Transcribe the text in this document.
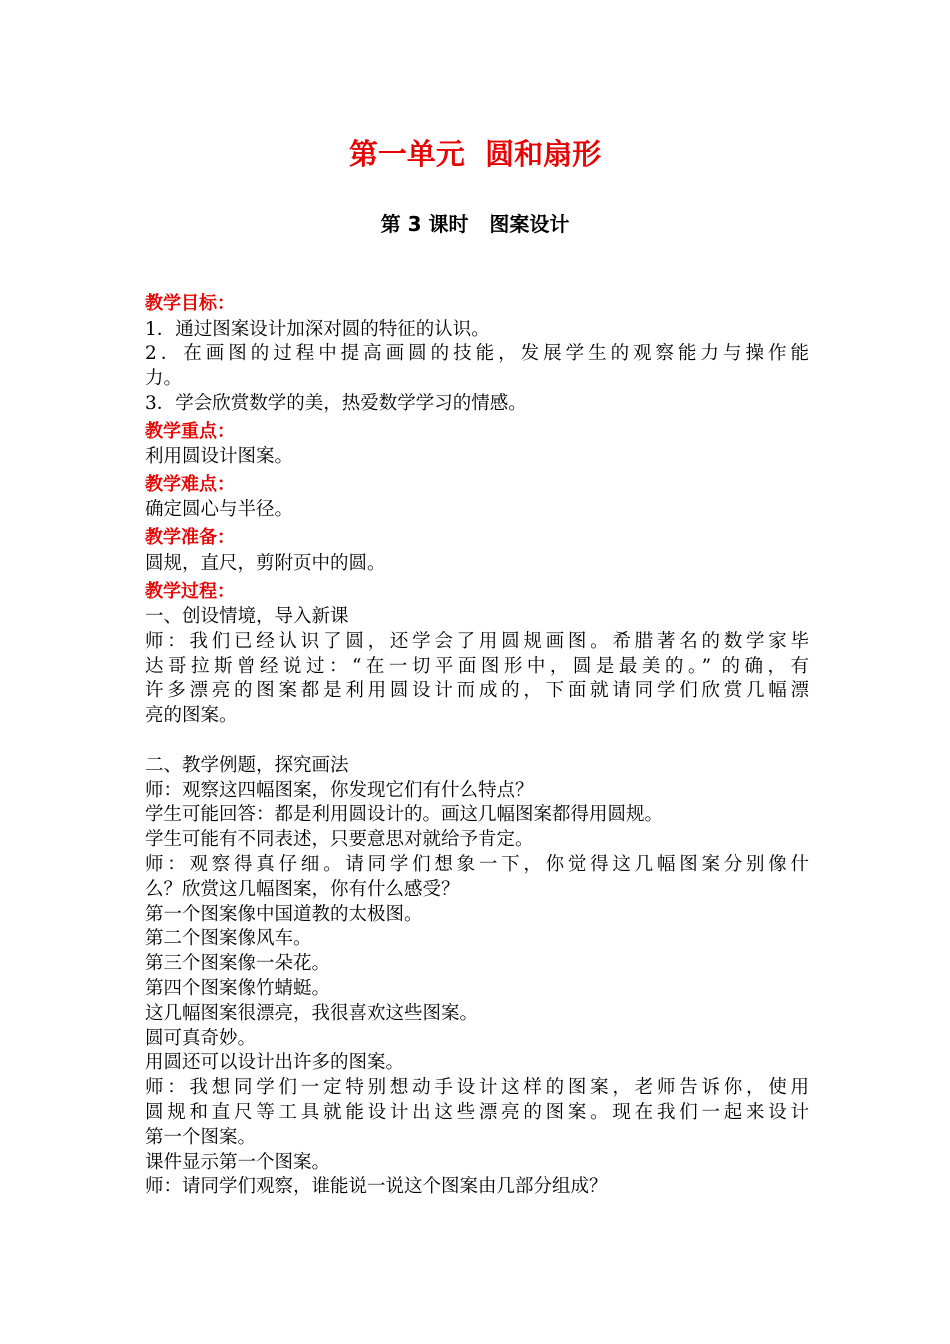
第一单元  圆和扇形
第 3 课时   图案设计
教学目标：
1．通过图案设计加深对圆的特征的认识。
2．在画图的过程中提高画圆的技能，发展学生的观察能力与操作能
力。
3．学会欣赏数学的美，热爱数学学习的情感。
教学重点：
利用圆设计图案。
教学难点：
确定圆心与半径。
教学准备：
圆规，直尺，剪附页中的圆。
教学过程：
一、创设情境，导入新课
师：我们已经认识了圆，还学会了用圆规画图。希腊著名的数学家毕
达哥拉斯曾经说过：“在一切平面图形中，圆是最美的。” 的确，有
许多漂亮的图案都是利用圆设计而成的，下面就请同学们欣赏几幅漂
亮的图案。
二、教学例题，探究画法
师：观察这四幅图案，你发现它们有什么特点？
学生可能回答：都是利用圆设计的。画这几幅图案都得用圆规。
学生可能有不同表述，只要意思对就给予肯定。
师：观察得真仔细。请同学们想象一下，你觉得这几幅图案分别像什
么？欣赏这几幅图案，你有什么感受？
第一个图案像中国道教的太极图。
第二个图案像风车。
第三个图案像一朵花。
第四个图案像竹蜻蜓。
这几幅图案很漂亮，我很喜欢这些图案。
圆可真奇妙。
用圆还可以设计出许多的图案。
师：我想同学们一定特别想动手设计这样的图案，老师告诉你，使用
圆规和直尺等工具就能设计出这些漂亮的图案。现在我们一起来设计
第一个图案。
课件显示第一个图案。
师：请同学们观察，谁能说一说这个图案由几部分组成？
